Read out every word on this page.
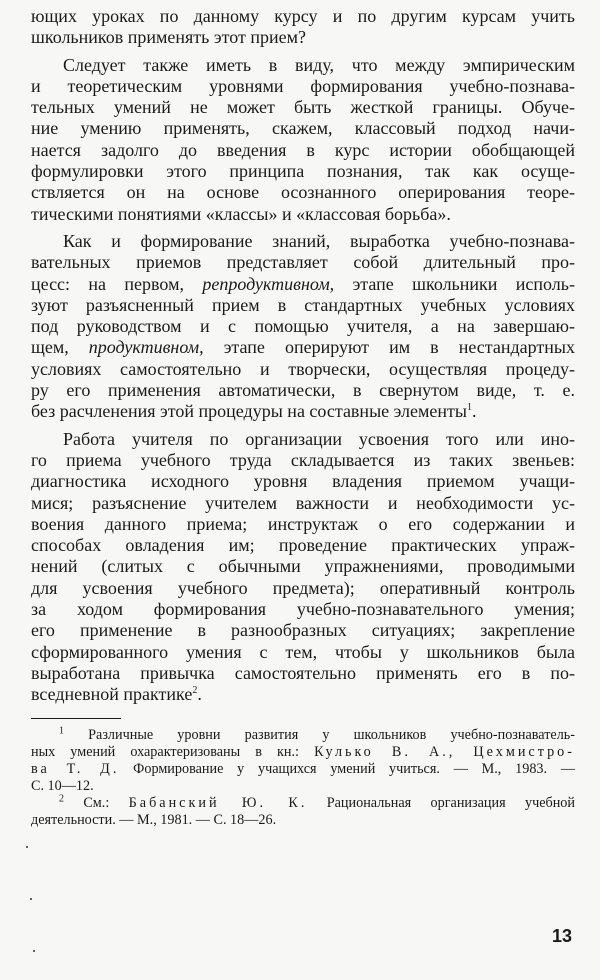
ющих уроках по данному курсу и по другим курсам учить
школьников применять этот прием?

Следует также иметь в виду, что между эмпирическим
и теоретическим уровнями формирования учебно-познава-
тельных умений не может быть жесткой границы. Обуче-
ние умению применять, скажем, классовый подход начи-
нается задолго до введения в курс истории обобщающей
формулировки этого принципа познания, так как осуще-
ствляется он на основе осознанного оперирования теоре-
тическими понятиями «классы» и «классовая борьба».

Как и формирование знаний, выработка учебно-познава-
вательных приемов представляет собой длительный про-
цесс: на первом, репродуктивном, этапе школьники исполь-
зуют разъясненный прием в стандартных учебных условиях
под руководством и с помощью учителя, а на завершаю-
щем, продуктивном, этапе оперируют им в нестандартных
условиях самостоятельно и творчески, осуществляя процеду-
ру его применения автоматически, в свернутом виде, т. е.
без расчленения этой процедуры на составные элементы$^1$.

Работа учителя по организации усвоения того или ино-
го приема учебного труда складывается из таких звеньев:
диагностика исходного уровня владения приемом учащи-
мися; разъяснение учителем важности и необходимости ус-
воения данного приема; инструктаж о его содержании и
способах овладения им; проведение практических упраж-
нений (слитых с обычными упражнениями, проводимыми
для усвоения учебного предмета); оперативный контроль
за ходом формирования учебно-познавательного умения;
его применение в разнообразных ситуациях; закрепление
сформированного умения с тем, чтобы у школьников была
выработана привычка самостоятельно применять его в по-
вседневной практике$^2$.

$^1$ Различные уровни развития у школьников учебно-познаватель-
ных умений охарактеризованы в кн.: Кулько В. А., Цехмистро-
ва Т. Д. Формирование у учащихся умений учиться. — М., 1983. —
С. 10—12.

$^2$ См.: Бабанский Ю. К. Рациональная организация учебной
деятельности. — М., 1981. — С. 18—26.

13
